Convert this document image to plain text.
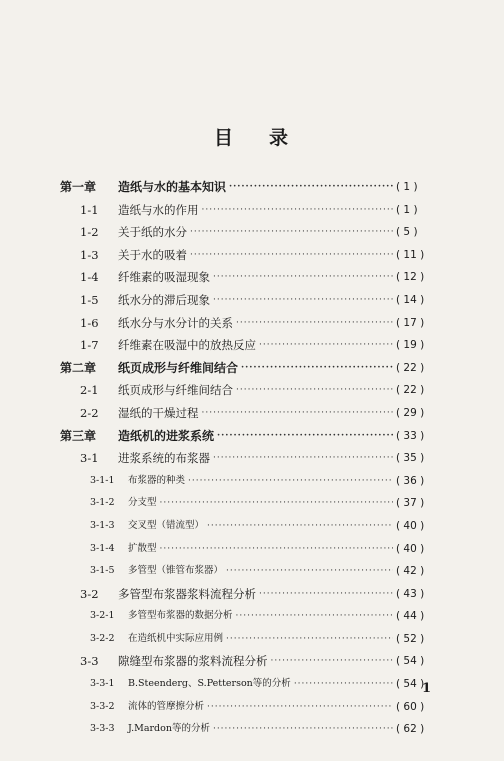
目 录
第一章	造纸与水的基本知识 ·····	( 1 )
1-1	造纸与水的作用 ·····	( 1 )
1-2	关于纸的水分 ·····	( 5 )
1-3	关于水的吸着 ·····	( 11 )
1-4	纤维素的吸湿现象 ·····	( 12 )
1-5	纸水分的滞后现象 ·····	( 14 )
1-6	纸水分与水分计的关系 ·····	( 17 )
1-7	纤维素在吸湿中的放热反应 ·····	( 19 )
第二章	纸页成形与纤维间结合 ·····	( 22 )
2-1	纸页成形与纤维间结合 ·····	( 22 )
2-2	湿纸的干燥过程 ·····	( 29 )
第三章	造纸机的进浆系统 ·····	( 33 )
3-1	进浆系统的布浆器 ·····	( 35 )
3-1-1	布浆器的种类 ·····	( 36 )
3-1-2	分支型 ·····	( 37 )
3-1-3	交叉型（错流型） ·····	( 40 )
3-1-4	扩散型 ·····	( 40 )
3-1-5	多管型（锥管布浆器） ·····	( 42 )
3-2	多管型布浆器浆料流程分析 ·····	( 43 )
3-2-1	多管型布浆器的数据分析 ·····	( 44 )
3-2-2	在造纸机中实际应用例 ·····	( 52 )
3-3	隙缝型布浆器的浆料流程分析 ·····	( 54 )
3-3-1	B.Steenderg、S.Petterson等的分析 ·····	( 54 )
3-3-2	流体的管摩擦分析 ·····	( 60 )
3-3-3	J.Mardon等的分析 ·····	( 62 )
1
